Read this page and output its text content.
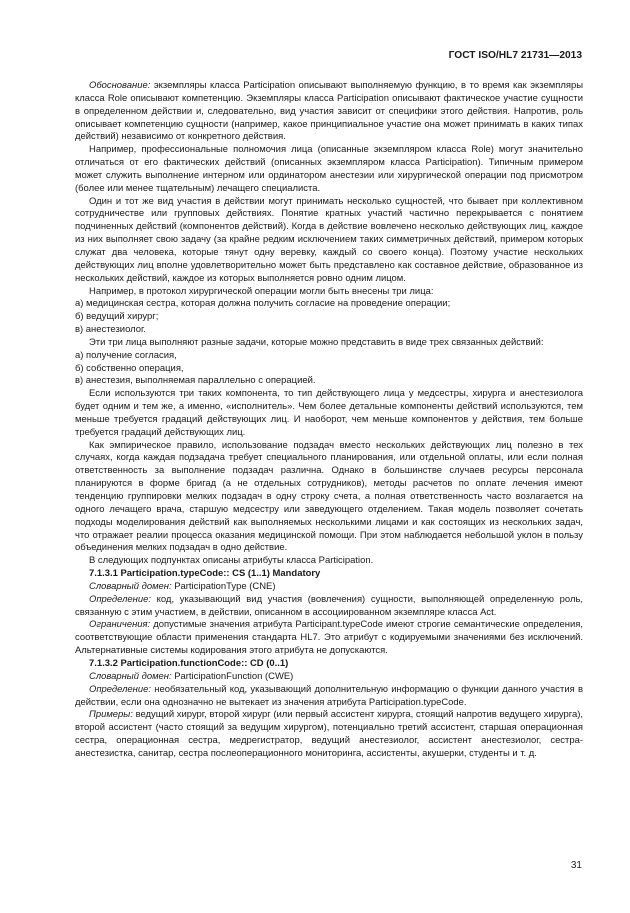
ГОСТ ISO/HL7 21731—2013

Обоснование: экземпляры класса Participation описывают выполняемую функцию, в то время как экземпляры класса Role описывают компетенцию. Экземпляры класса Participation описывают фактическое участие сущности в определенном действии и, следовательно, вид участия зависит от специфики этого действия. Напротив, роль описывает компетенцию сущности (например, какое принципиальное участие она может принимать в каких типах действий) независимо от конкретного действия.

Например, профессиональные полномочия лица (описанные экземпляром класса Role) могут значительно отличаться от его фактических действий (описанных экземпляром класса Participation). Типичным примером может служить выполнение интерном или ординатором анестезии или хирургической операции под присмотром (более или менее тщательным) лечащего специалиста.

Один и тот же вид участия в действии могут принимать несколько сущностей, что бывает при коллективном сотрудничестве или групповых действиях. Понятие кратных участий частично перекрывается с понятием подчиненных действий (компонентов действий). Когда в действие вовлечено несколько действующих лиц, каждое из них выполняет свою задачу (за крайне редким исключением таких симметричных действий, примером которых служат два человека, которые тянут одну веревку, каждый со своего конца). Поэтому участие нескольких действующих лиц вполне удовлетворительно может быть представлено как составное действие, образованное из нескольких действий, каждое из которых выполняется ровно одним лицом.

Например, в протокол хирургической операции могли быть внесены три лица:

а) медицинская сестра, которая должна получить согласие на проведение операции;

б) ведущий хирург;

в) анестезиолог.

Эти три лица выполняют разные задачи, которые можно представить в виде трех связанных действий:

а) получение согласия,

б) собственно операция,

в) анестезия, выполняемая параллельно с операцией.

Если используются три таких компонента, то тип действующего лица у медсестры, хирурга и анестезиолога будет одним и тем же, а именно, «исполнитель». Чем более детальные компоненты действий используются, тем меньше требуется градаций действующих лиц. И наоборот, чем меньше компонентов у действия, тем больше требуется градаций действующих лиц.

Как эмпирическое правило, использование подзадач вместо нескольких действующих лиц полезно в тех случаях, когда каждая подзадача требует специального планирования, или отдельной оплаты, или если полная ответственность за выполнение подзадач различна. Однако в большинстве случаев ресурсы персонала планируются в форме бригад (а не отдельных сотрудников), методы расчетов по оплате лечения имеют тенденцию группировки мелких подзадач в одну строку счета, а полная ответственность часто возлагается на одного лечащего врача, старшую медсестру или заведующего отделением. Такая модель позволяет сочетать подходы моделирования действий как выполняемых несколькими лицами и как состоящих из нескольких задач, что отражает реалии процесса оказания медицинской помощи. При этом наблюдается небольшой уклон в пользу объединения мелких подзадач в одно действие.

В следующих подпунктах описаны атрибуты класса Participation.

7.1.3.1 Participation.typeCode:: CS (1..1) Mandatory

Словарный домен: ParticipationType (CNE)

Определение: код, указывающий вид участия (вовлечения) сущности, выполняющей определенную роль, связанную с этим участием, в действии, описанном в ассоциированном экземпляре класса Act.

Ограничения: допустимые значения атрибута Participant.typeCode имеют строгие семантические определения, соответствующие области применения стандарта HL7. Это атрибут с кодируемыми значениями без исключений. Альтернативные системы кодирования этого атрибута не допускаются.

7.1.3.2 Participation.functionCode:: CD (0..1)

Словарный домен: ParticipationFunction (CWE)

Определение: необязательный код, указывающий дополнительную информацию о функции данного участия в действии, если она однозначно не вытекает из значения атрибута Participation.typeCode.

Примеры: ведущий хирург, второй хирург (или первый ассистент хирурга, стоящий напротив ведущего хирурга), второй ассистент (часто стоящий за ведущим хирургом), потенциально третий ассистент, старшая операционная сестра, операционная сестра, медрегистратор, ведущий анестезиолог, ассистент анестезиолог, сестра-анестезистка, санитар, сестра послеоперационного мониторинга, ассистенты, акушерки, студенты и т. д.

31
